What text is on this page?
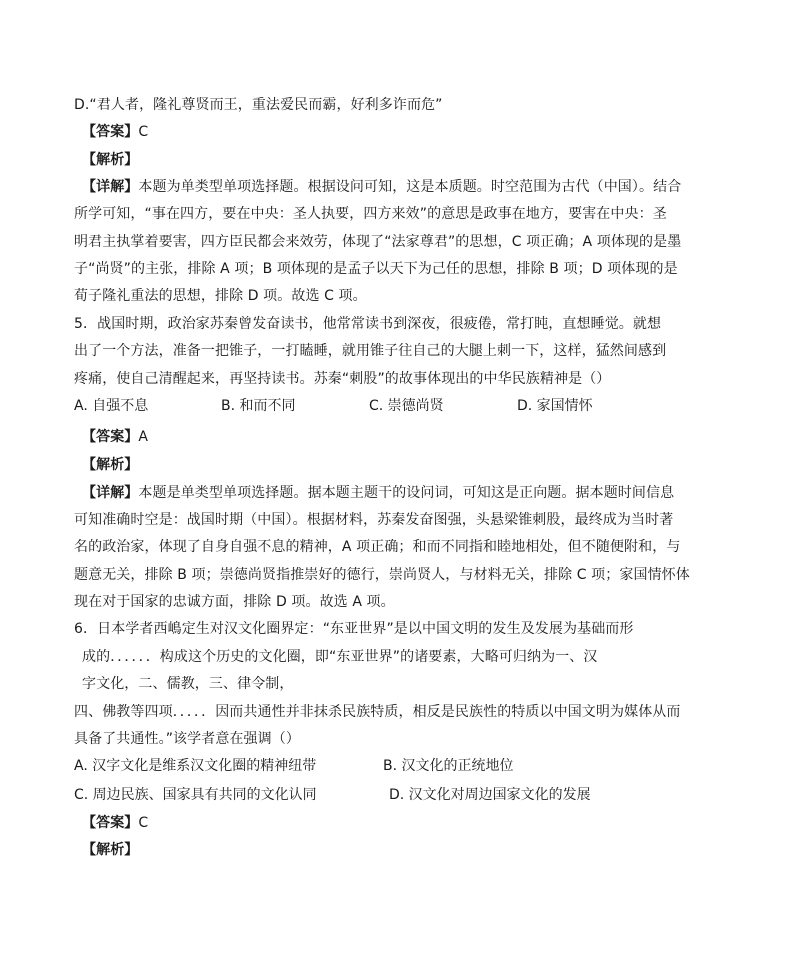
D.“君人者，隆礼尊贤而王，重法爱民而霸，好利多诈而危”
【答案】C
【解析】
【详解】本题为单类型单项选择题。根据设问可知，这是本质题。时空范围为古代（中国）。结合
所学可知，“事在四方，要在中央：圣人执要，四方来效”的意思是政事在地方，要害在中央：圣
明君主执掌着要害，四方臣民都会来效劳，体现了“法家尊君”的思想，C 项正确；A 项体现的是墨
子“尚贤”的主张，排除 A 项；B 项体现的是孟子以天下为己任的思想，排除 B 项；D 项体现的是
荀子隆礼重法的思想，排除 D 项。故选 C 项。
5．战国时期，政治家苏秦曾发奋读书，他常常读书到深夜，很疲倦，常打盹，直想睡觉。就想
出了一个方法，准备一把锥子，一打瞌睡，就用锥子往自己的大腿上刺一下，这样，猛然间感到
疼痛，使自己清醒起来，再坚持读书。苏秦“刺股”的故事体现出的中华民族精神是（）
A. 自强不息	B. 和而不同	C. 崇德尚贤	D. 家国情怀
【答案】A
【解析】
【详解】本题是单类型单项选择题。据本题主题干的设问词，可知这是正向题。据本题时间信息
可知准确时空是：战国时期（中国）。根据材料，苏秦发奋图强，头悬梁锥刺股，最终成为当时著
名的政治家，体现了自身自强不息的精神，A 项正确；和而不同指和睦地相处，但不随便附和，与
题意无关，排除 B 项；崇德尚贤指推崇好的德行，崇尚贤人，与材料无关，排除 C 项；家国情怀体
现在对于国家的忠诚方面，排除 D 项。故选 A 项。
6．日本学者西嶋定生对汉文化圈界定：“东亚世界”是以中国文明的发生及发展为基础而形
成的．．．．．．构成这个历史的文化圈，即“东亚世界”的诸要素，大略可归纳为一、汉
字文化，二、儒教，三、律令制，
四、佛教等四项．．．．．因而共通性并非抹杀民族特质，相反是民族性的特质以中国文明为媒体从而
具备了共通性。”该学者意在强调（）
A. 汉字文化是维系汉文化圈的精神纽带	B. 汉文化的正统地位
C. 周边民族、国家具有共同的文化认同	D. 汉文化对周边国家文化的发展
【答案】C
【解析】
